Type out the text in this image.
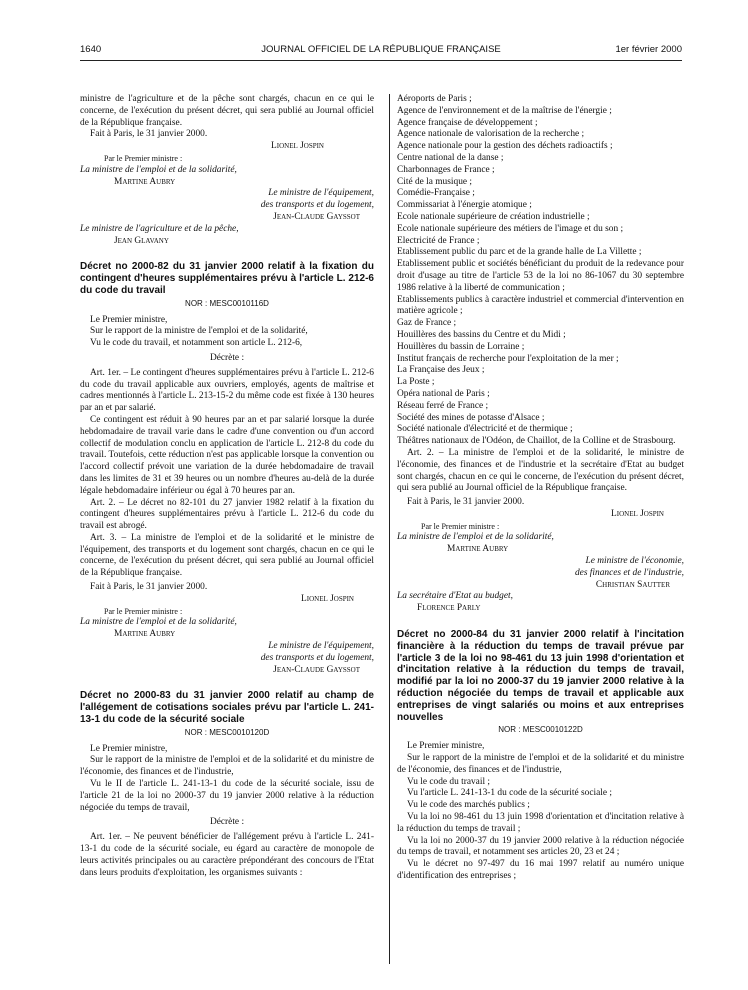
1640	JOURNAL OFFICIEL DE LA RÉPUBLIQUE FRANÇAISE	1er février 2000

ministre de l'agriculture et de la pêche sont chargés, chacun en ce qui le concerne, de l'exécution du présent décret, qui sera publié au Journal officiel de la République française.

Fait à Paris, le 31 janvier 2000.

Lionel Jospin

Par le Premier ministre :

La ministre de l'emploi et de la solidarité,

Martine Aubry

Le ministre de l'équipement,

des transports et du logement,

Jean-Claude Gayssot

Le ministre de l'agriculture et de la pêche,

Jean Glavany

Décret no 2000-82 du 31 janvier 2000 relatif à la fixation du contingent d'heures supplémentaires prévu à l'article L. 212-6 du code du travail

NOR : MESC0010116D

Le Premier ministre,

Sur le rapport de la ministre de l'emploi et de la solidarité,

Vu le code du travail, et notamment son article L. 212-6,

Décrète :

Art. 1er. – Le contingent d'heures supplémentaires prévu à l'article L. 212-6 du code du travail applicable aux ouvriers, employés, agents de maîtrise et cadres mentionnés à l'article L. 213-15-2 du même code est fixée à 130 heures par an et par salarié.

Ce contingent est réduit à 90 heures par an et par salarié lorsque la durée hebdomadaire de travail varie dans le cadre d'une convention ou d'un accord collectif de modulation conclu en application de l'article L. 212-8 du code du travail. Toutefois, cette réduction n'est pas applicable lorsque la convention ou l'accord collectif prévoit une variation de la durée hebdomadaire de travail dans les limites de 31 et 39 heures ou un nombre d'heures au-delà de la durée légale hebdomadaire inférieur ou égal à 70 heures par an.

Art. 2. – Le décret no 82-101 du 27 janvier 1982 relatif à la fixation du contingent d'heures supplémentaires prévu à l'article L. 212-6 du code du travail est abrogé.

Art. 3. – La ministre de l'emploi et de la solidarité et le ministre de l'équipement, des transports et du logement sont chargés, chacun en ce qui le concerne, de l'exécution du présent décret, qui sera publié au Journal officiel de la République française.

Fait à Paris, le 31 janvier 2000.

Lionel Jospin

Par le Premier ministre :

La ministre de l'emploi et de la solidarité,

Martine Aubry

Le ministre de l'équipement,

des transports et du logement,

Jean-Claude Gayssot

Décret no 2000-83 du 31 janvier 2000 relatif au champ de l'allégement de cotisations sociales prévu par l'article L. 241-13-1 du code de la sécurité sociale

NOR : MESC0010120D

Le Premier ministre,

Sur le rapport de la ministre de l'emploi et de la solidarité et du ministre de l'économie, des finances et de l'industrie,

Vu le II de l'article L. 241-13-1 du code de la sécurité sociale, issu de l'article 21 de la loi no 2000-37 du 19 janvier 2000 relative à la réduction négociée du temps de travail,

Décrète :

Art. 1er. – Ne peuvent bénéficier de l'allégement prévu à l'article L. 241-13-1 du code de la sécurité sociale, eu égard au caractère de monopole de leurs activités principales ou au caractère prépondérant des concours de l'Etat dans leurs produits d'exploitation, les organismes suivants :

Aéroports de Paris ;

Agence de l'environnement et de la maîtrise de l'énergie ;

Agence française de développement ;

Agence nationale de valorisation de la recherche ;

Agence nationale pour la gestion des déchets radioactifs ;

Centre national de la danse ;

Charbonnages de France ;

Cité de la musique ;

Comédie-Française ;

Commissariat à l'énergie atomique ;

Ecole nationale supérieure de création industrielle ;

Ecole nationale supérieure des métiers de l'image et du son ;

Electricité de France ;

Etablissement public du parc et de la grande halle de La Villette ;

Etablissement public et sociétés bénéficiant du produit de la redevance pour droit d'usage au titre de l'article 53 de la loi no 86-1067 du 30 septembre 1986 relative à la liberté de communication ;

Etablissements publics à caractère industriel et commercial d'intervention en matière agricole ;

Gaz de France ;

Houillères des bassins du Centre et du Midi ;

Houillères du bassin de Lorraine ;

Institut français de recherche pour l'exploitation de la mer ;

La Française des Jeux ;

La Poste ;

Opéra national de Paris ;

Réseau ferré de France ;

Société des mines de potasse d'Alsace ;

Société nationale d'électricité et de thermique ;

Théâtres nationaux de l'Odéon, de Chaillot, de la Colline et de Strasbourg.

Art. 2. – La ministre de l'emploi et de la solidarité, le ministre de l'économie, des finances et de l'industrie et la secrétaire d'Etat au budget sont chargés, chacun en ce qui le concerne, de l'exécution du présent décret, qui sera publié au Journal officiel de la République française.

Fait à Paris, le 31 janvier 2000.

Lionel Jospin

Par le Premier ministre :

La ministre de l'emploi et de la solidarité,

Martine Aubry

Le ministre de l'économie,

des finances et de l'industrie,

Christian Sautter

La secrétaire d'Etat au budget,

Florence Parly

Décret no 2000-84 du 31 janvier 2000 relatif à l'incitation financière à la réduction du temps de travail prévue par l'article 3 de la loi no 98-461 du 13 juin 1998 d'orientation et d'incitation relative à la réduction du temps de travail, modifié par la loi no 2000-37 du 19 janvier 2000 relative à la réduction négociée du temps de travail et applicable aux entreprises de vingt salariés ou moins et aux entreprises nouvelles

NOR : MESC0010122D

Le Premier ministre,

Sur le rapport de la ministre de l'emploi et de la solidarité et du ministre de l'économie, des finances et de l'industrie,

Vu le code du travail ;

Vu l'article L. 241-13-1 du code de la sécurité sociale ;

Vu le code des marchés publics ;

Vu la loi no 98-461 du 13 juin 1998 d'orientation et d'incitation relative à la réduction du temps de travail ;

Vu la loi no 2000-37 du 19 janvier 2000 relative à la réduction négociée du temps de travail, et notamment ses articles 20, 23 et 24 ;

Vu le décret no 97-497 du 16 mai 1997 relatif au numéro unique d'identification des entreprises ;
